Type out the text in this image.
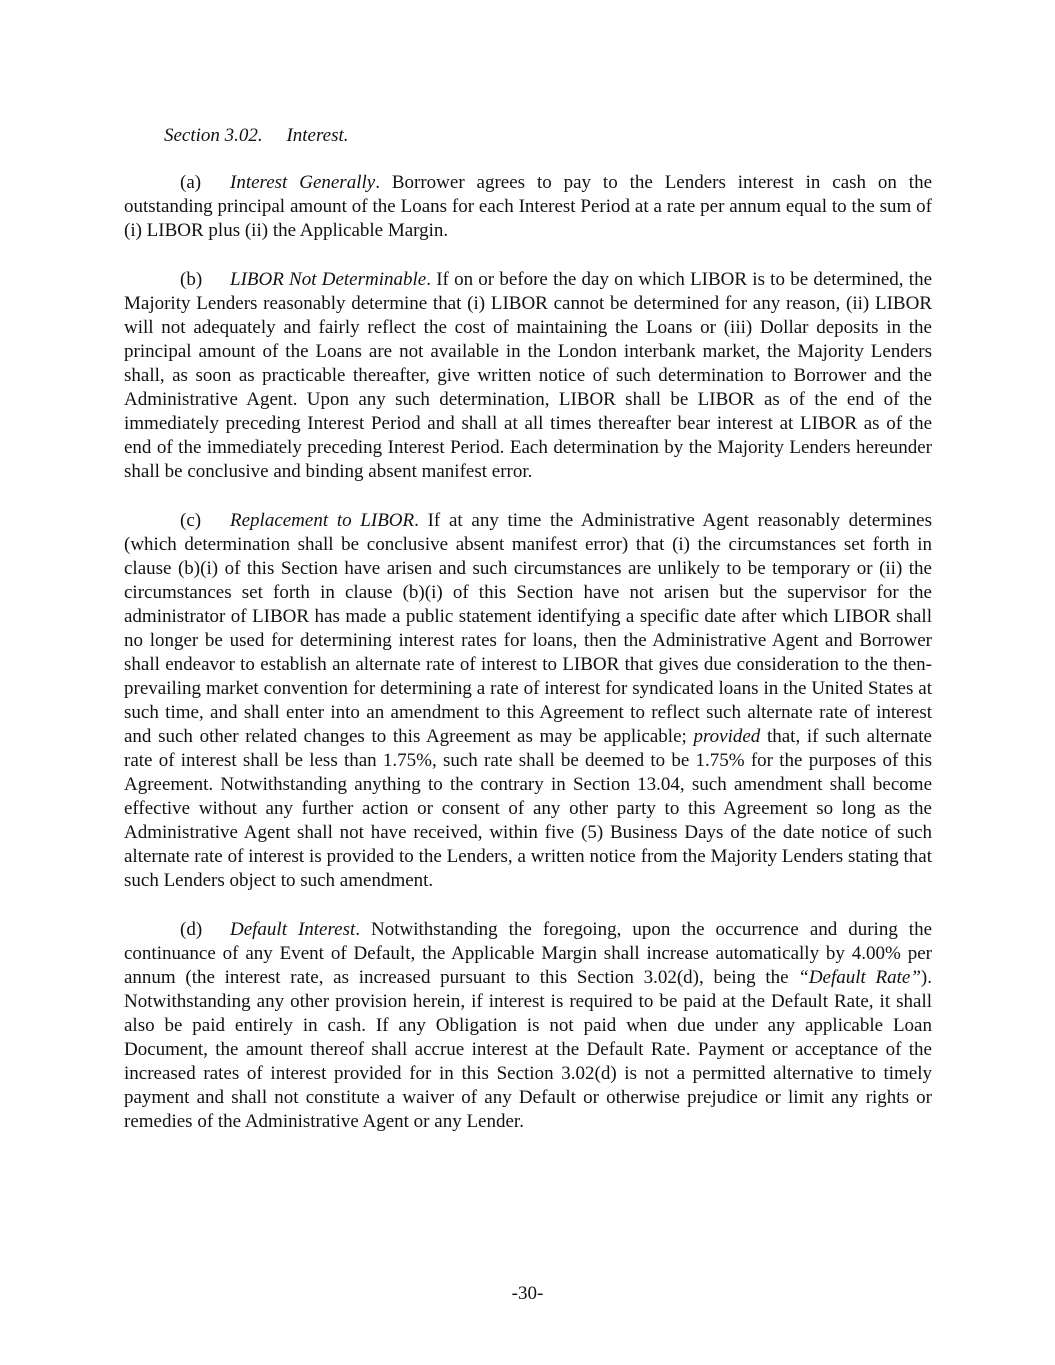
Section 3.02. Interest.

(a) Interest Generally. Borrower agrees to pay to the Lenders interest in cash on the outstanding principal amount of the Loans for each Interest Period at a rate per annum equal to the sum of (i) LIBOR plus (ii) the Applicable Margin.

(b) LIBOR Not Determinable. If on or before the day on which LIBOR is to be determined, the Majority Lenders reasonably determine that (i) LIBOR cannot be determined for any reason, (ii) LIBOR will not adequately and fairly reflect the cost of maintaining the Loans or (iii) Dollar deposits in the principal amount of the Loans are not available in the London interbank market, the Majority Lenders shall, as soon as practicable thereafter, give written notice of such determination to Borrower and the Administrative Agent. Upon any such determination, LIBOR shall be LIBOR as of the end of the immediately preceding Interest Period and shall at all times thereafter bear interest at LIBOR as of the end of the immediately preceding Interest Period. Each determination by the Majority Lenders hereunder shall be conclusive and binding absent manifest error.

(c) Replacement to LIBOR. If at any time the Administrative Agent reasonably determines (which determination shall be conclusive absent manifest error) that (i) the circumstances set forth in clause (b)(i) of this Section have arisen and such circumstances are unlikely to be temporary or (ii) the circumstances set forth in clause (b)(i) of this Section have not arisen but the supervisor for the administrator of LIBOR has made a public statement identifying a specific date after which LIBOR shall no longer be used for determining interest rates for loans, then the Administrative Agent and Borrower shall endeavor to establish an alternate rate of interest to LIBOR that gives due consideration to the then-prevailing market convention for determining a rate of interest for syndicated loans in the United States at such time, and shall enter into an amendment to this Agreement to reflect such alternate rate of interest and such other related changes to this Agreement as may be applicable; provided that, if such alternate rate of interest shall be less than 1.75%, such rate shall be deemed to be 1.75% for the purposes of this Agreement. Notwithstanding anything to the contrary in Section 13.04, such amendment shall become effective without any further action or consent of any other party to this Agreement so long as the Administrative Agent shall not have received, within five (5) Business Days of the date notice of such alternate rate of interest is provided to the Lenders, a written notice from the Majority Lenders stating that such Lenders object to such amendment.

(d) Default Interest. Notwithstanding the foregoing, upon the occurrence and during the continuance of any Event of Default, the Applicable Margin shall increase automatically by 4.00% per annum (the interest rate, as increased pursuant to this Section 3.02(d), being the “Default Rate”). Notwithstanding any other provision herein, if interest is required to be paid at the Default Rate, it shall also be paid entirely in cash. If any Obligation is not paid when due under any applicable Loan Document, the amount thereof shall accrue interest at the Default Rate. Payment or acceptance of the increased rates of interest provided for in this Section 3.02(d) is not a permitted alternative to timely payment and shall not constitute a waiver of any Default or otherwise prejudice or limit any rights or remedies of the Administrative Agent or any Lender.

-30-
